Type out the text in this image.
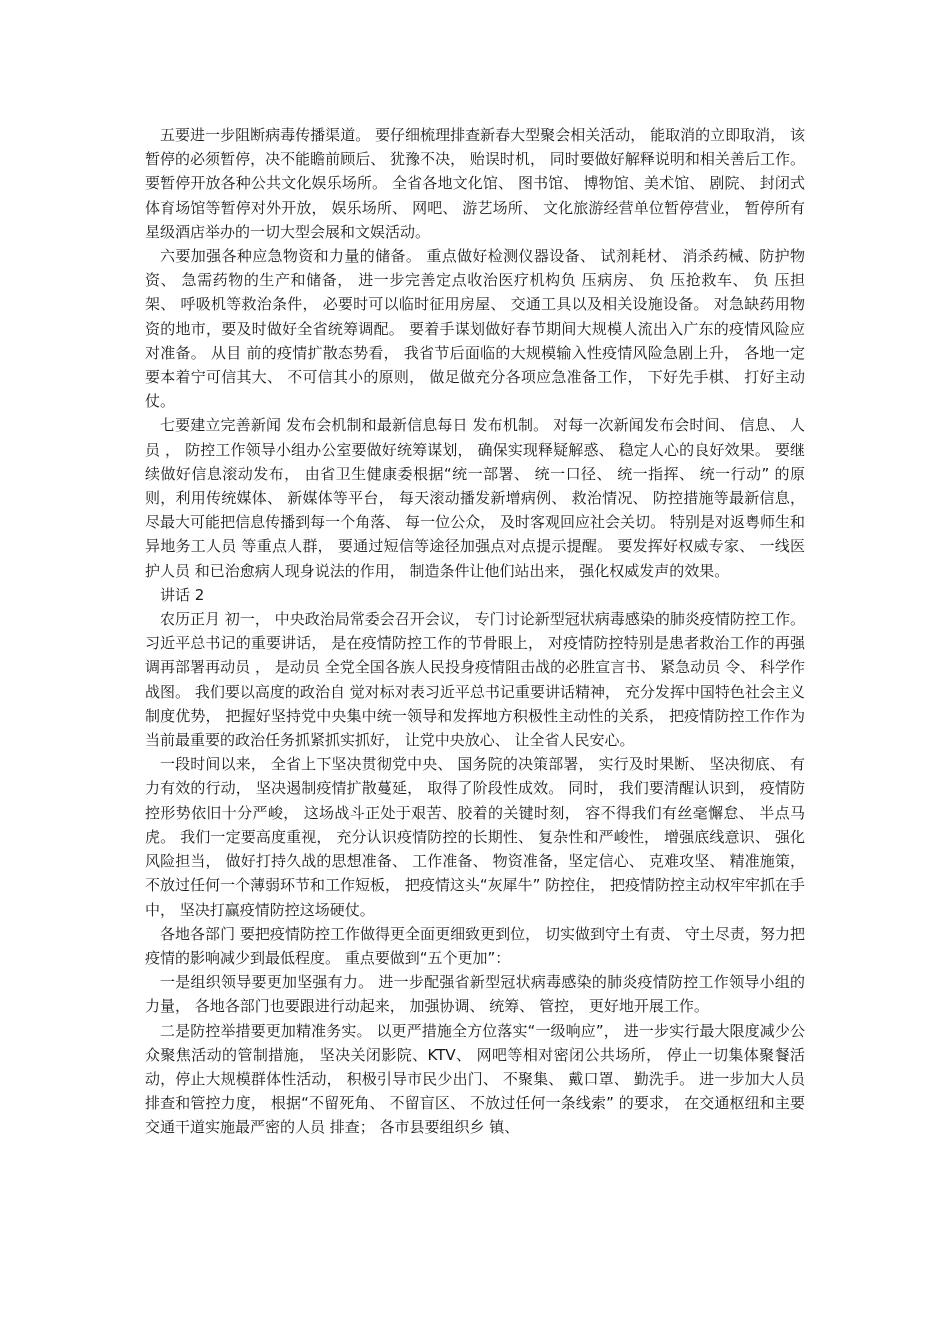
五要进一步阻断病毒传播渠道。 要仔细梳理排查新春大型聚会相关活动， 能取消的立即取消， 该暂停的必须暂停，决不能瞻前顾后、 犹豫不决， 贻误时机， 同时要做好解释说明和相关善后工作。 要暂停开放各种公共文化娱乐场所。 全省各地文化馆、 图书馆、 博物馆、美术馆、 剧院、 封闭式体育场馆等暂停对外开放， 娱乐场所、 网吧、 游艺场所、 文化旅游经营单位暂停营业， 暂停所有星级酒店举办的一切大型会展和文娱活动。

六要加强各种应急物资和力量的储备。 重点做好检测仪器设备、 试剂耗材、 消杀药械、防护物资、 急需药物的生产和储备， 进一步完善定点收治医疗机构负 压病房、 负 压抢救车、 负 压担架、 呼吸机等救治条件， 必要时可以临时征用房屋、 交通工具以及相关设施设备。 对急缺药用物资的地市，要及时做好全省统筹调配。 要着手谋划做好春节期间大规模人流出入广东的疫情风险应对准备。 从目 前的疫情扩散态势看， 我省节后面临的大规模输入性疫情风险急剧上升， 各地一定要本着宁可信其大、 不可信其小的原则， 做足做充分各项应急准备工作， 下好先手棋、 打好主动仗。

七要建立完善新闻 发布会机制和最新信息每日 发布机制。 对每一次新闻发布会时间、 信息、 人员 ， 防控工作领导小组办公室要做好统筹谋划， 确保实现释疑解惑、 稳定人心的良好效果。 要继续做好信息滚动发布， 由省卫生健康委根据“统一部署、 统一口径、 统一指挥、 统一行动” 的原则，利用传统媒体、 新媒体等平台， 每天滚动播发新增病例、 救治情况、 防控措施等最新信息， 尽最大可能把信息传播到每一个角落、 每一位公众， 及时客观回应社会关切。 特别是对返粤师生和异地务工人员 等重点人群， 要通过短信等途径加强点对点提示提醒。 要发挥好权威专家、 一线医护人员 和已治愈病人现身说法的作用， 制造条件让他们站出来， 强化权威发声的效果。

讲话 2

农历正月 初一， 中央政治局常委会召开会议， 专门讨论新型冠状病毒感染的肺炎疫情防控工作。 习近平总书记的重要讲话， 是在疫情防控工作的节骨眼上， 对疫情防控特别是患者救治工作的再强调再部署再动员 ， 是动员 全党全国各族人民投身疫情阻击战的必胜宣言书、 紧急动员 令、 科学作战图。 我们要以高度的政治自 觉对标对表习近平总书记重要讲话精神， 充分发挥中国特色社会主义制度优势， 把握好坚持党中央集中统一领导和发挥地方积极性主动性的关系， 把疫情防控工作作为当前最重要的政治任务抓紧抓实抓好， 让党中央放心、 让全省人民安心。

一段时间以来， 全省上下坚决贯彻党中央、 国务院的决策部署， 实行及时果断、 坚决彻底、 有力有效的行动， 坚决遏制疫情扩散蔓延， 取得了阶段性成效。 同时， 我们要清醒认识到， 疫情防控形势依旧十分严峻， 这场战斗正处于艰苦、胶着的关键时刻， 容不得我们有丝毫懈怠、 半点马虎。 我们一定要高度重视， 充分认识疫情防控的长期性、 复杂性和严峻性， 增强底线意识、 强化风险担当， 做好打持久战的思想准备、 工作准备、 物资准备，坚定信心、 克难攻坚、 精准施策， 不放过任何一个薄弱环节和工作短板， 把疫情这头“灰犀牛” 防控住， 把疫情防控主动权牢牢抓在手中， 坚决打赢疫情防控这场硬仗。

各地各部门 要把疫情防控工作做得更全面更细致更到位， 切实做到守土有责、 守土尽责，努力把疫情的影响减少到最低程度。 重点要做到“五个更加”：

一是组织领导要更加坚强有力。 进一步配强省新型冠状病毒感染的肺炎疫情防控工作领导小组的力量， 各地各部门也要跟进行动起来， 加强协调、 统筹、 管控， 更好地开展工作。

二是防控举措要更加精准务实。 以更严措施全方位落实“一级响应”， 进一步实行最大限度减少公众聚焦活动的管制措施， 坚决关闭影院、KTV、 网吧等相对密闭公共场所， 停止一切集体聚餐活动，停止大规模群体性活动， 积极引导市民少出门、 不聚集、 戴口罩、 勤洗手。 进一步加大人员 排查和管控力度， 根据“不留死角、 不留盲区、 不放过任何一条线索” 的要求， 在交通枢纽和主要交通干道实施最严密的人员 排查； 各市县要组织乡 镇、
